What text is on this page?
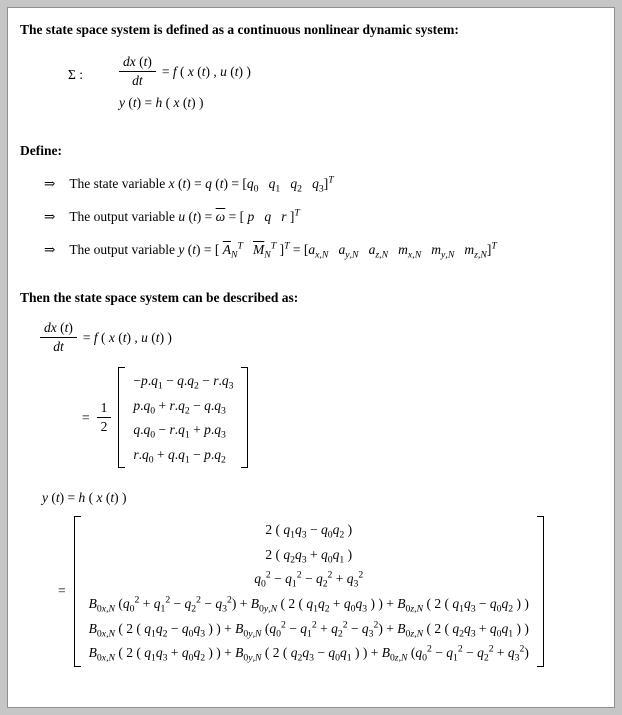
The state space system is defined as a continuous nonlinear dynamic system:

Σ :	$\frac{dx (t)}{dt} = f$ ( x (t) , u (t) )
y (t) = h ( x (t) )

Define:

⇒ The state variable x (t) = q $(t) = [q_0$ $q_1$ $q_2$ $q_3]^T$
⇒ The output variable u $(t) = \overline{\omega}$ = [ p q r ]$^T$
⇒ The output variable y (t) = [ $\overline{A}_N^T$ $\overline{M}_N^T$ ]$^T = [a_{x,N}$ $a_{y,N}$ $a_{z,N}$ $m_{x,N}$ $m_{y,N}$ $m_{z,N}]^T$

Then the state space system can be described as:

$\frac{dx (t)}{dt} = f$ ( x (t) , u (t) )
= $\frac{1}{2}$
$-p.q_1 - q.q_2 - r.q_3$
$p.q_0 + r.q_2 - q.q_3$
$q.q_0 - r.q_1 + p.q_3$
$r.q_0 + q.q_1 - p.q_2$
y (t) = h ( x (t) )
=
2 ( $q_1q_3 - q_0q_2$ )
2 ( $q_2q_3 + q_0q_1$ )
$q_0^2 - q_1^2 - q_2^2 + q_3^2$
$B_{0x,N}$ $(q_0^2 + q_1^2 - q_2^2 - q_3^2) + B_{0y,N}$ ( 2 ( $q_1q_2 + q_0q_3$ ) ) + $B_{0z,N}$ ( 2 ( $q_1q_3 - q_0q_2$ ) )
$B_{0x,N}$ ( 2 ( $q_1q_2 - q_0q_3$ ) ) + $B_{0y,N}$ $(q_0^2 - q_1^2 + q_2^2 - q_3^2) + B_{0z,N}$ ( 2 ( $q_2q_3 + q_0q_1$ ) )
$B_{0x,N}$ ( 2 ( $q_1q_3 + q_0q_2$ ) ) + $B_{0y,N}$ ( 2 ( $q_2q_3 - q_0q_1$ ) ) + $B_{0z,N}$ $(q_0^2 - q_1^2 - q_2^2 + q_3^2)$
